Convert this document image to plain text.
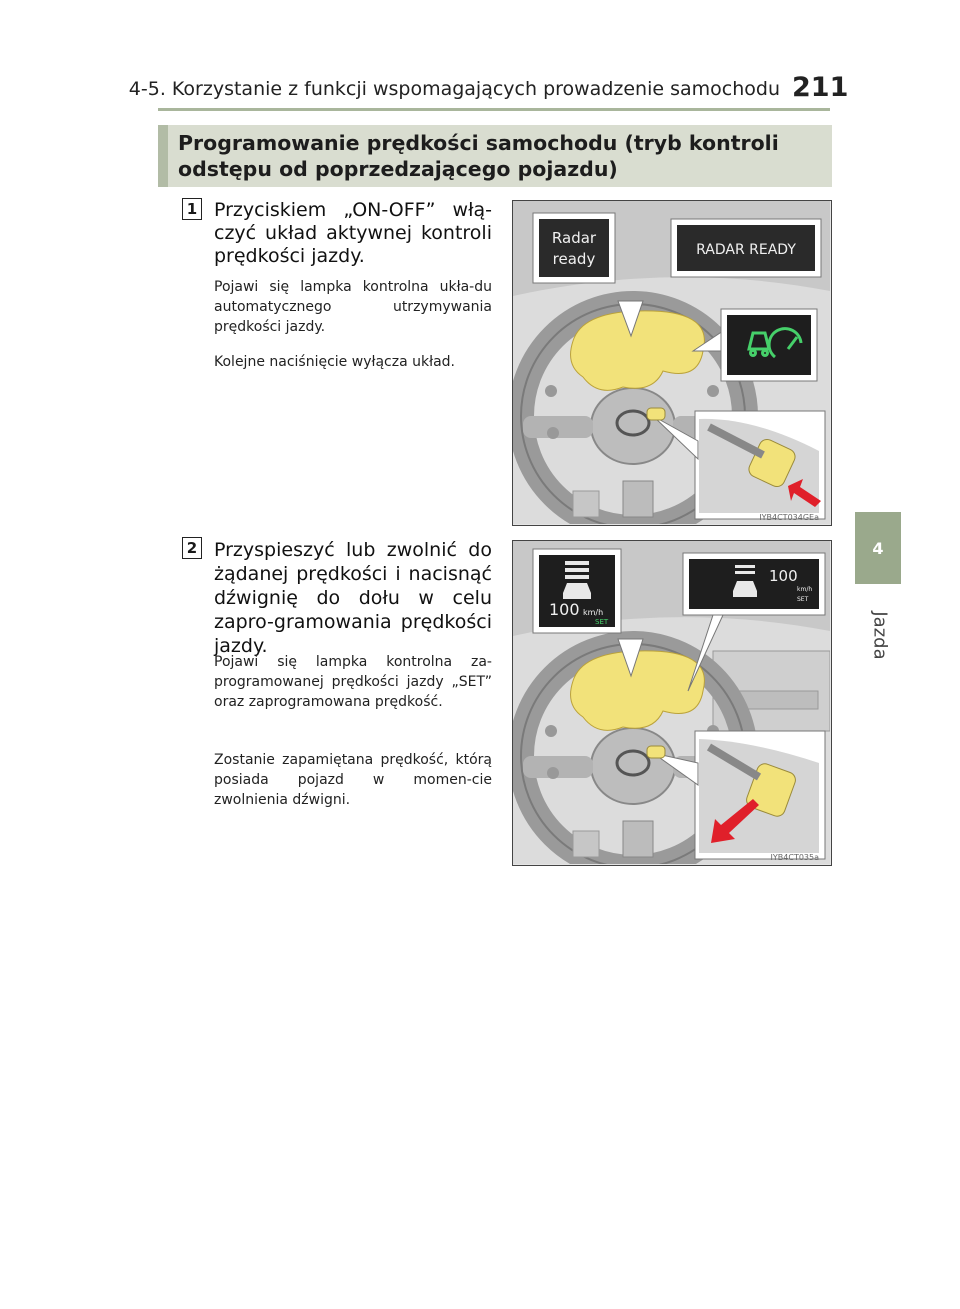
4-5. Korzystanie z funkcji wspomagających prowadzenie samochodu 211
4
Jazda
Programowanie prędkości samochodu (tryb kontroli odstępu od poprzedzającego pojazdu)
1 Przyciskiem „ON-OFF” włą-czyć układ aktywnej kontroli prędkości jazdy.
Pojawi się lampka kontrolna ukła-du automatycznego utrzymywania prędkości jazdy.
Kolejne naciśnięcie wyłącza układ.
Radar
ready	RADAR READY
IYB4CT034GEa
2 Przyspieszyć lub zwolnić do żądanej prędkości i nacisnąć dźwignię do dołu w celu zapro-gramowania prędkości jazdy.
Pojawi się lampka kontrolna za-programowanej prędkości jazdy „SET” oraz zaprogramowana prędkość.
Zostanie zapamiętana prędkość, którą posiada pojazd w momen-cie zwolnienia dźwigni.
100 km/h
SET
100
km/h
SET
IYB4CT035a
